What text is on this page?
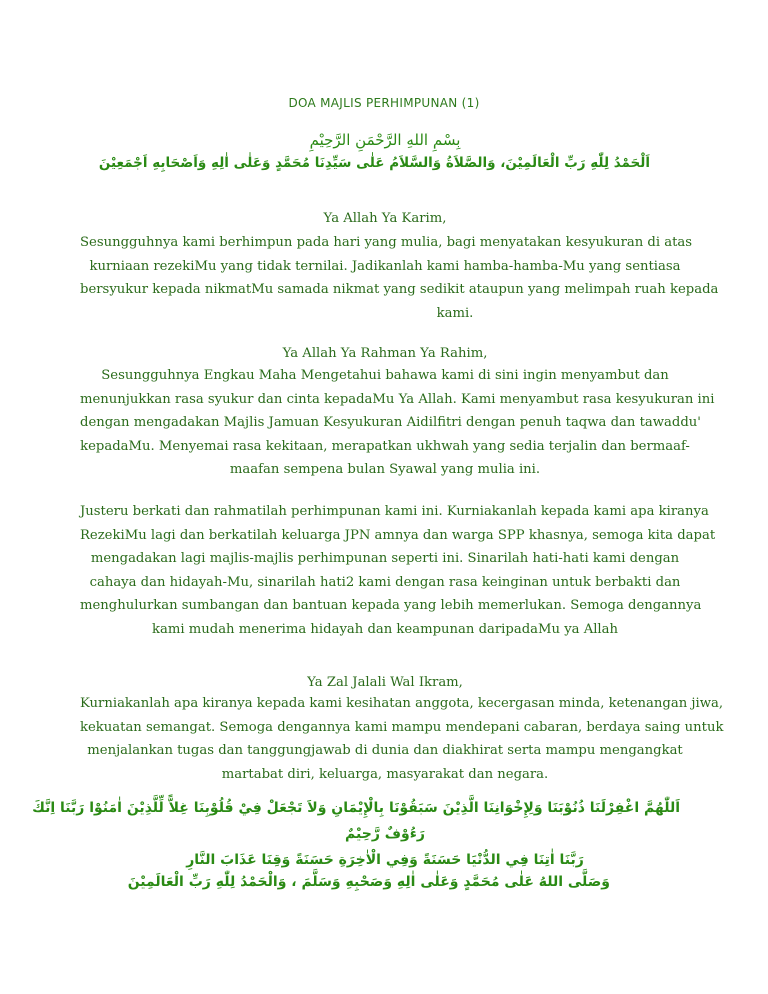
DOA MAJLIS PERHIMPUNAN (1)
بِسْمِ اللهِ الرَّحْمَنِ الرَّحِيْمِ
اَلْحَمْدُ لِلّٰهِ رَبِّ الْعَالَمِيْنَ، وَالصَّلاَةُ وَالسَّلاَمُ عَلٰى سَيِّدِنَا مُحَمَّدٍ وَعَلٰى اٰلِهِ وَاَصْحَابِهِ اَجْمَعِيْنَ
Ya Allah Ya Karim,
Sesungguhnya kami berhimpun pada hari yang mulia, bagi menyatakan kesyukuran di atas
kurniaan rezekiMu yang tidak ternilai. Jadikanlah kami hamba-hamba-Mu yang sentiasa
bersyukur kepada nikmatMu samada nikmat yang sedikit ataupun yang melimpah ruah kepada
kami.
Ya Allah Ya Rahman Ya Rahim,
Sesungguhnya Engkau Maha Mengetahui bahawa kami di sini ingin menyambut dan
menunjukkan rasa syukur dan cinta kepadaMu Ya Allah. Kami menyambut rasa kesyukuran ini
dengan mengadakan Majlis Jamuan Kesyukuran Aidilfitri dengan penuh taqwa dan tawaddu'
kepadaMu. Menyemai rasa kekitaan, merapatkan ukhwah yang sedia terjalin dan bermaaf-
maafan sempena bulan Syawal yang mulia ini.
Justeru berkati dan rahmatilah perhimpunan kami ini. Kurniakanlah kepada kami apa kiranya
RezekiMu lagi dan berkatilah keluarga JPN amnya dan warga SPP khasnya, semoga kita dapat
mengadakan lagi majlis-majlis perhimpunan seperti ini. Sinarilah hati-hati kami dengan
cahaya dan hidayah-Mu, sinarilah hati2 kami dengan rasa keinginan untuk berbakti dan
menghulurkan sumbangan dan bantuan kepada yang lebih memerlukan. Semoga dengannya
kami mudah menerima hidayah dan keampunan daripadaMu ya Allah
Ya Zal Jalali Wal Ikram,
Kurniakanlah apa kiranya kepada kami kesihatan anggota, kecergasan minda, ketenangan jiwa,
kekuatan semangat. Semoga dengannya kami mampu mendepani cabaran, berdaya saing untuk
menjalankan tugas dan tanggungjawab di dunia dan diakhirat serta mampu mengangkat
martabat diri, keluarga, masyarakat dan negara.
اَللّٰهُمَّ اغْفِرْلَنَا ذُنُوْبَنَا وَلِإِخْوَانِنَا الَّذِيْنَ سَبَقُوْنَا بِالْإِيْمَانِ وَلاَ تَجْعَلْ فِيْ قُلُوْبِنَا غِلاًّ لِّلَّذِيْنَ اٰمَنُوْا رَبَّنَا اِنَّكَ
رَءُوْفٌ رَّحِيْمٌ
رَبَّنَا اٰتِنَا فِي الدُّنْيَا حَسَنَةً وَفِي الْاٰخِرَةِ حَسَنَةً وَقِنَا عَذَابَ النَّارِ
وَصَلَّى اللهُ عَلٰى مُحَمَّدٍ وَعَلٰى اٰلِهِ وَصَحْبِهِ وَسَلَّمَ ، وَالْحَمْدُ لِلّٰهِ رَبِّ الْعَالَمِيْنَ
